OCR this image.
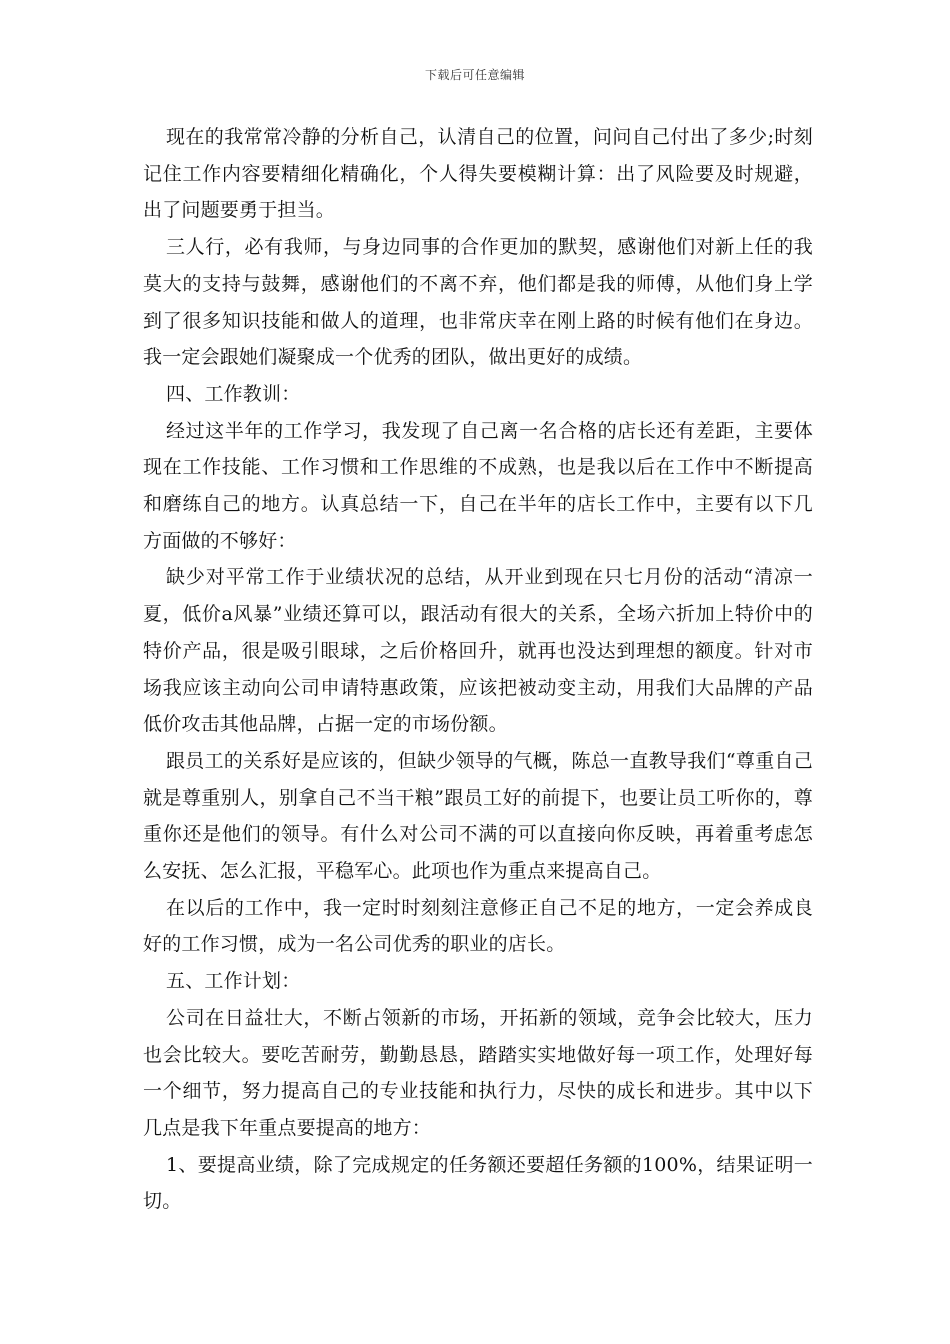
下载后可任意编辑

现在的我常常冷静的分析自己，认清自己的位置，问问自己付出了多少;时刻记住工作内容要精细化精确化，个人得失要模糊计算：出了风险要及时规避，出了问题要勇于担当。

三人行，必有我师，与身边同事的合作更加的默契，感谢他们对新上任的我莫大的支持与鼓舞，感谢他们的不离不弃，他们都是我的师傅，从他们身上学到了很多知识技能和做人的道理，也非常庆幸在刚上路的时候有他们在身边。我一定会跟她们凝聚成一个优秀的团队，做出更好的成绩。

四、工作教训：

经过这半年的工作学习，我发现了自己离一名合格的店长还有差距，主要体现在工作技能、工作习惯和工作思维的不成熟，也是我以后在工作中不断提高和磨练自己的地方。认真总结一下，自己在半年的店长工作中，主要有以下几方面做的不够好：

缺少对平常工作于业绩状况的总结，从开业到现在只七月份的活动“清凉一夏，低价a风暴”业绩还算可以，跟活动有很大的关系，全场六折加上特价中的特价产品，很是吸引眼球，之后价格回升，就再也没达到理想的额度。针对市场我应该主动向公司申请特惠政策，应该把被动变主动，用我们大品牌的产品低价攻击其他品牌，占据一定的市场份额。

跟员工的关系好是应该的，但缺少领导的气概，陈总一直教导我们“尊重自己就是尊重别人，别拿自己不当干粮”跟员工好的前提下，也要让员工听你的，尊重你还是他们的领导。有什么对公司不满的可以直接向你反映，再着重考虑怎么安抚、怎么汇报，平稳军心。此项也作为重点来提高自己。

在以后的工作中，我一定时时刻刻注意修正自己不足的地方，一定会养成良好的工作习惯，成为一名公司优秀的职业的店长。

五、工作计划：

公司在日益壮大，不断占领新的市场，开拓新的领域，竞争会比较大，压力也会比较大。要吃苦耐劳，勤勤恳恳，踏踏实实地做好每一项工作，处理好每一个细节，努力提高自己的专业技能和执行力，尽快的成长和进步。其中以下几点是我下年重点要提高的地方：

1、要提高业绩，除了完成规定的任务额还要超任务额的100%，结果证明一切。
